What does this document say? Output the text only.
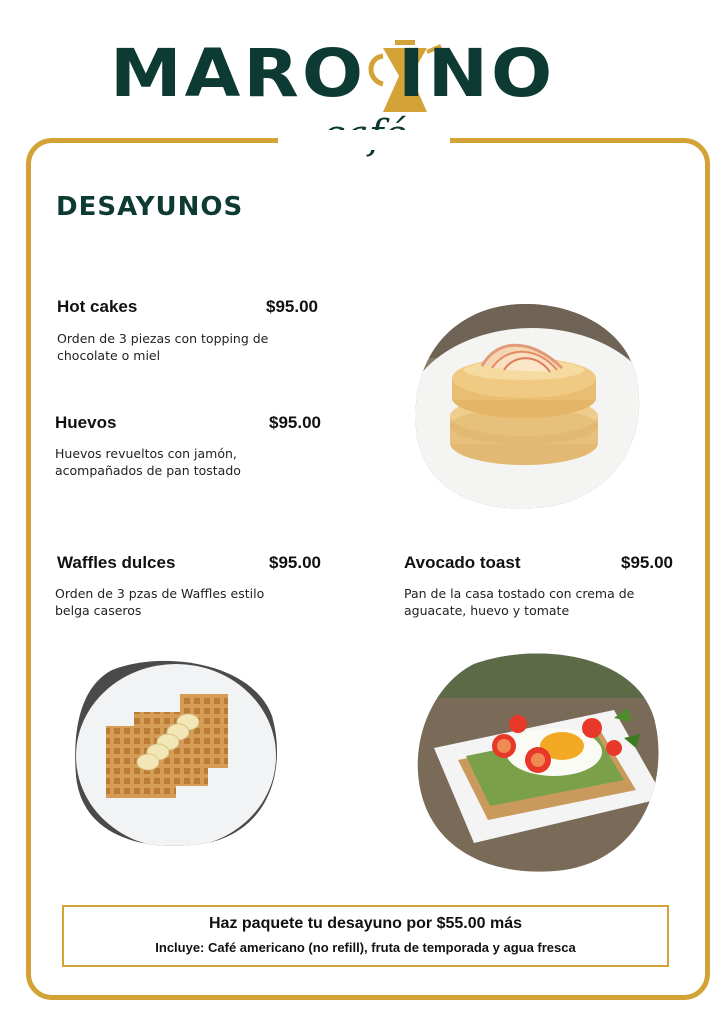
MARO INO
DESAYUNOS
Hot cakes	$95.00
Orden de 3 piezas con topping de chocolate o miel
Huevos	$95.00
Huevos revueltos con jamón, acompañados de pan tostado
Waffles dulces	$95.00
Orden de 3 pzas de Waffles estilo belga caseros
Avocado toast	$95.00
Pan de la casa tostado con crema de aguacate, huevo y tomate
Haz paquete tu desayuno por $55.00 más
Incluye: Café americano (no refill), fruta de temporada y agua fresca
